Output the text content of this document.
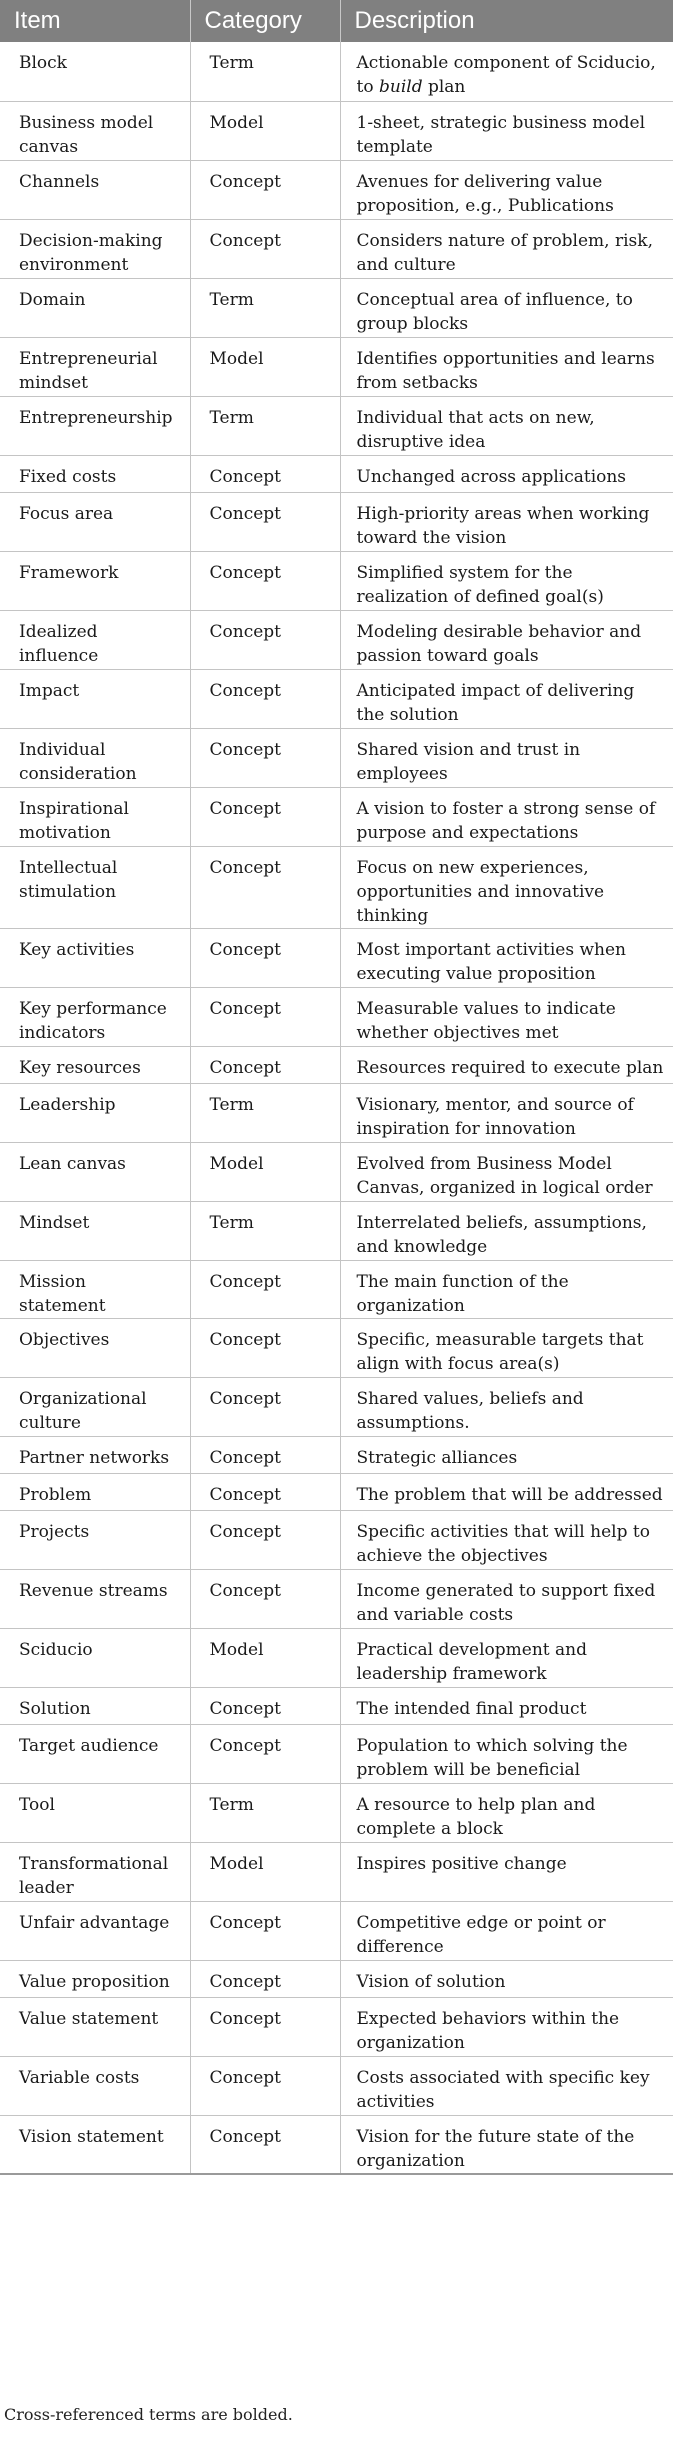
Item	Category	Description
Block	Term	Actionable component of Sciducio, to build plan
Business model canvas	Model	1-sheet, strategic business model template
Channels	Concept	Avenues for delivering value proposition, e.g., Publications
Decision-making environment	Concept	Considers nature of problem, risk, and culture
Domain	Term	Conceptual area of influence, to group blocks
Entrepreneurial mindset	Model	Identifies opportunities and learns from setbacks
Entrepreneurship	Term	Individual that acts on new, disruptive idea
Fixed costs	Concept	Unchanged across applications
Focus area	Concept	High-priority areas when working toward the vision
Framework	Concept	Simplified system for the realization of defined goal(s)
Idealized influence	Concept	Modeling desirable behavior and passion toward goals
Impact	Concept	Anticipated impact of delivering the solution
Individual consideration	Concept	Shared vision and trust in employees
Inspirational motivation	Concept	A vision to foster a strong sense of purpose and expectations
Intellectual stimulation	Concept	Focus on new experiences, opportunities and innovative thinking
Key activities	Concept	Most important activities when executing value proposition
Key performance indicators	Concept	Measurable values to indicate whether objectives met
Key resources	Concept	Resources required to execute plan
Leadership	Term	Visionary, mentor, and source of inspiration for innovation
Lean canvas	Model	Evolved from Business Model Canvas, organized in logical order
Mindset	Term	Interrelated beliefs, assumptions, and knowledge
Mission statement	Concept	The main function of the organization
Objectives	Concept	Specific, measurable targets that align with focus area(s)
Organizational culture	Concept	Shared values, beliefs and assumptions.
Partner networks	Concept	Strategic alliances
Problem	Concept	The problem that will be addressed
Projects	Concept	Specific activities that will help to achieve the objectives
Revenue streams	Concept	Income generated to support fixed and variable costs
Sciducio	Model	Practical development and leadership framework
Solution	Concept	The intended final product
Target audience	Concept	Population to which solving the problem will be beneficial
Tool	Term	A resource to help plan and complete a block
Transformational leader	Model	Inspires positive change
Unfair advantage	Concept	Competitive edge or point or difference
Value proposition	Concept	Vision of solution
Value statement	Concept	Expected behaviors within the organization
Variable costs	Concept	Costs associated with specific key activities
Vision statement	Concept	Vision for the future state of the organization
Cross-referenced terms are bolded.
